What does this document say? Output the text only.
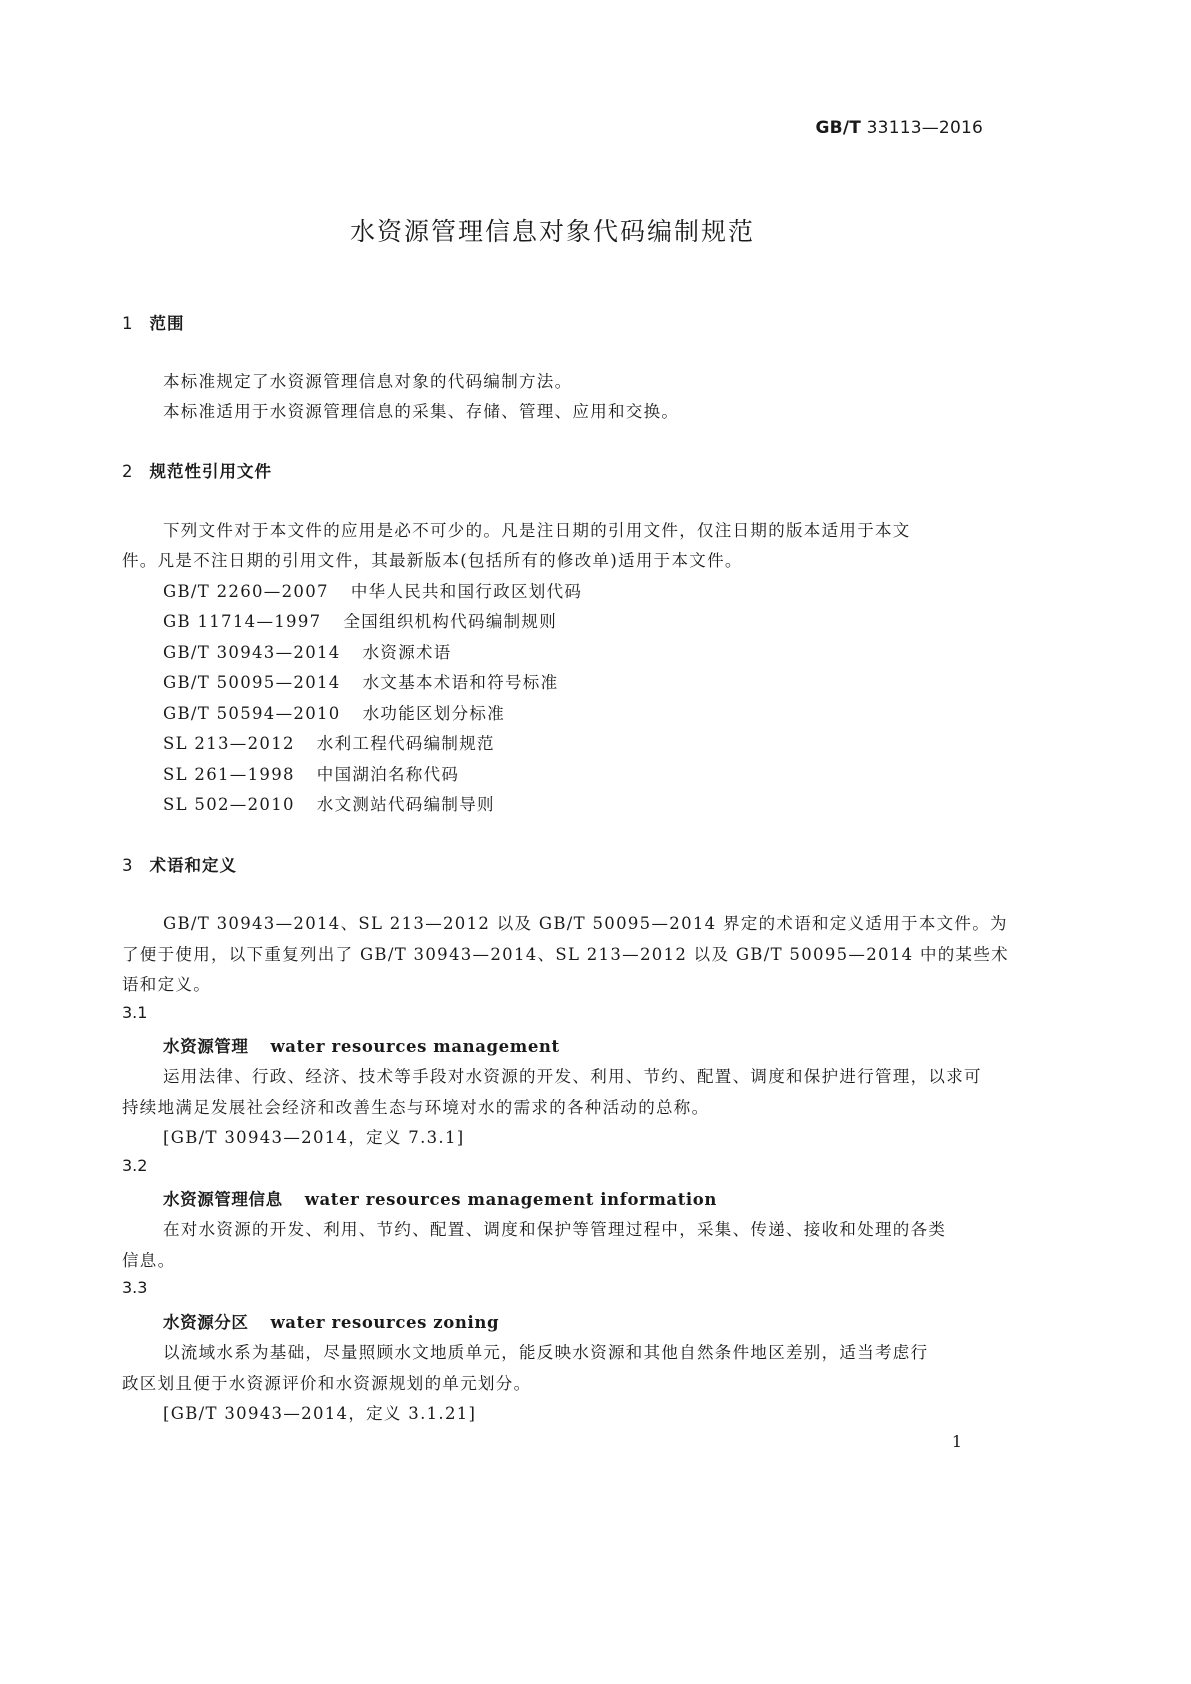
GB/T 33113—2016
水资源管理信息对象代码编制规范
1 范围
本标准规定了水资源管理信息对象的代码编制方法。
本标准适用于水资源管理信息的采集、存储、管理、应用和交换。
2 规范性引用文件
下列文件对于本文件的应用是必不可少的。凡是注日期的引用文件，仅注日期的版本适用于本文
件。凡是不注日期的引用文件，其最新版本(包括所有的修改单)适用于本文件。
GB/T 2260—2007 中华人民共和国行政区划代码
GB 11714—1997 全国组织机构代码编制规则
GB/T 30943—2014 水资源术语
GB/T 50095—2014 水文基本术语和符号标准
GB/T 50594—2010 水功能区划分标准
SL 213—2012 水利工程代码编制规范
SL 261—1998 中国湖泊名称代码
SL 502—2010 水文测站代码编制导则
3 术语和定义
GB/T 30943—2014、SL 213—2012 以及 GB/T 50095—2014 界定的术语和定义适用于本文件。为
了便于使用，以下重复列出了 GB/T 30943—2014、SL 213—2012 以及 GB/T 50095—2014 中的某些术
语和定义。
3.1
水资源管理 water resources management
运用法律、行政、经济、技术等手段对水资源的开发、利用、节约、配置、调度和保护进行管理，以求可
持续地满足发展社会经济和改善生态与环境对水的需求的各种活动的总称。
[GB/T 30943—2014，定义 7.3.1]
3.2
水资源管理信息 water resources management information
在对水资源的开发、利用、节约、配置、调度和保护等管理过程中，采集、传递、接收和处理的各类
信息。
3.3
水资源分区 water resources zoning
以流域水系为基础，尽量照顾水文地质单元，能反映水资源和其他自然条件地区差别，适当考虑行
政区划且便于水资源评价和水资源规划的单元划分。
[GB/T 30943—2014，定义 3.1.21]
1
